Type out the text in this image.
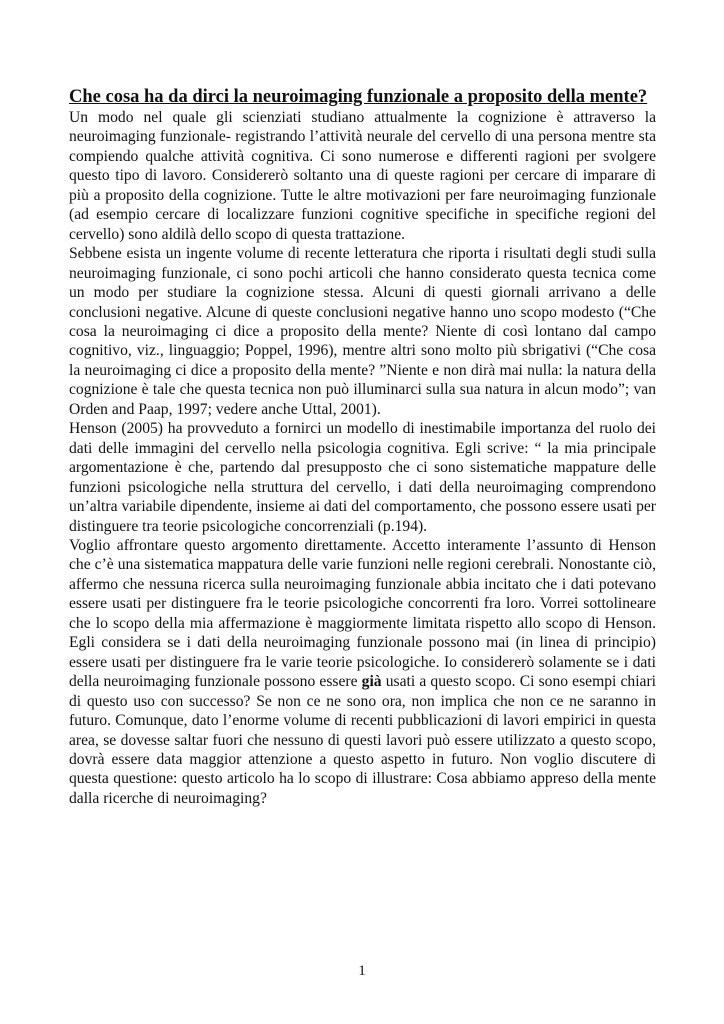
Che cosa ha da dirci la neuroimaging funzionale a proposito della mente?

Un modo nel quale gli scienziati studiano attualmente la cognizione è attraverso la neuroimaging funzionale- registrando l’attività neurale del cervello di una persona mentre sta compiendo qualche attività cognitiva. Ci sono numerose e differenti ragioni per svolgere questo tipo di lavoro. Considererò soltanto una di queste ragioni per cercare di imparare di più a proposito della cognizione. Tutte le altre motivazioni per fare neuroimaging funzionale (ad esempio cercare di localizzare funzioni cognitive specifiche in specifiche regioni del cervello) sono aldilà dello scopo di questa trattazione.

Sebbene esista un ingente volume di recente letteratura che riporta i risultati degli studi sulla neuroimaging funzionale, ci sono pochi articoli che hanno considerato questa tecnica come un modo per studiare la cognizione stessa. Alcuni di questi giornali arrivano a delle conclusioni negative. Alcune di queste conclusioni negative hanno uno scopo modesto (“Che cosa la neuroimaging ci dice a proposito della mente? Niente di così lontano dal campo cognitivo, viz., linguaggio; Poppel, 1996), mentre altri sono molto più sbrigativi (“Che cosa la neuroimaging ci dice a proposito della mente? ”Niente e non dirà mai nulla: la natura della cognizione è tale che questa tecnica non può illuminarci sulla sua natura in alcun modo”; van Orden and Paap, 1997; vedere anche Uttal, 2001).

Henson (2005) ha provveduto a fornirci un modello di inestimabile importanza del ruolo dei dati delle immagini del cervello nella psicologia cognitiva. Egli scrive: “ la mia principale argomentazione è che, partendo dal presupposto che ci sono sistematiche mappature delle funzioni psicologiche nella struttura del cervello, i dati della neuroimaging comprendono un’altra variabile dipendente, insieme ai dati del comportamento, che possono essere usati per distinguere tra teorie psicologiche concorrenziali (p.194).

Voglio affrontare questo argomento direttamente. Accetto interamente l’assunto di Henson che c’è una sistematica mappatura delle varie funzioni nelle regioni cerebrali. Nonostante ciò, affermo che nessuna ricerca sulla neuroimaging funzionale abbia incitato che i dati potevano essere usati per distinguere fra le teorie psicologiche concorrenti fra loro. Vorrei sottolineare che lo scopo della mia affermazione è maggiormente limitata rispetto allo scopo di Henson. Egli considera se i dati della neuroimaging funzionale possono mai (in linea di principio) essere usati per distinguere fra le varie teorie psicologiche. Io considererò solamente se i dati della neuroimaging funzionale possono essere già usati a questo scopo. Ci sono esempi chiari di questo uso con successo? Se non ce ne sono ora, non implica che non ce ne saranno in futuro. Comunque, dato l’enorme volume di recenti pubblicazioni di lavori empirici in questa area, se dovesse saltar fuori che nessuno di questi lavori può essere utilizzato a questo scopo, dovrà essere data maggior attenzione a questo aspetto in futuro. Non voglio discutere di questa questione: questo articolo ha lo scopo di illustrare: Cosa abbiamo appreso della mente dalla ricerche di neuroimaging?

1
